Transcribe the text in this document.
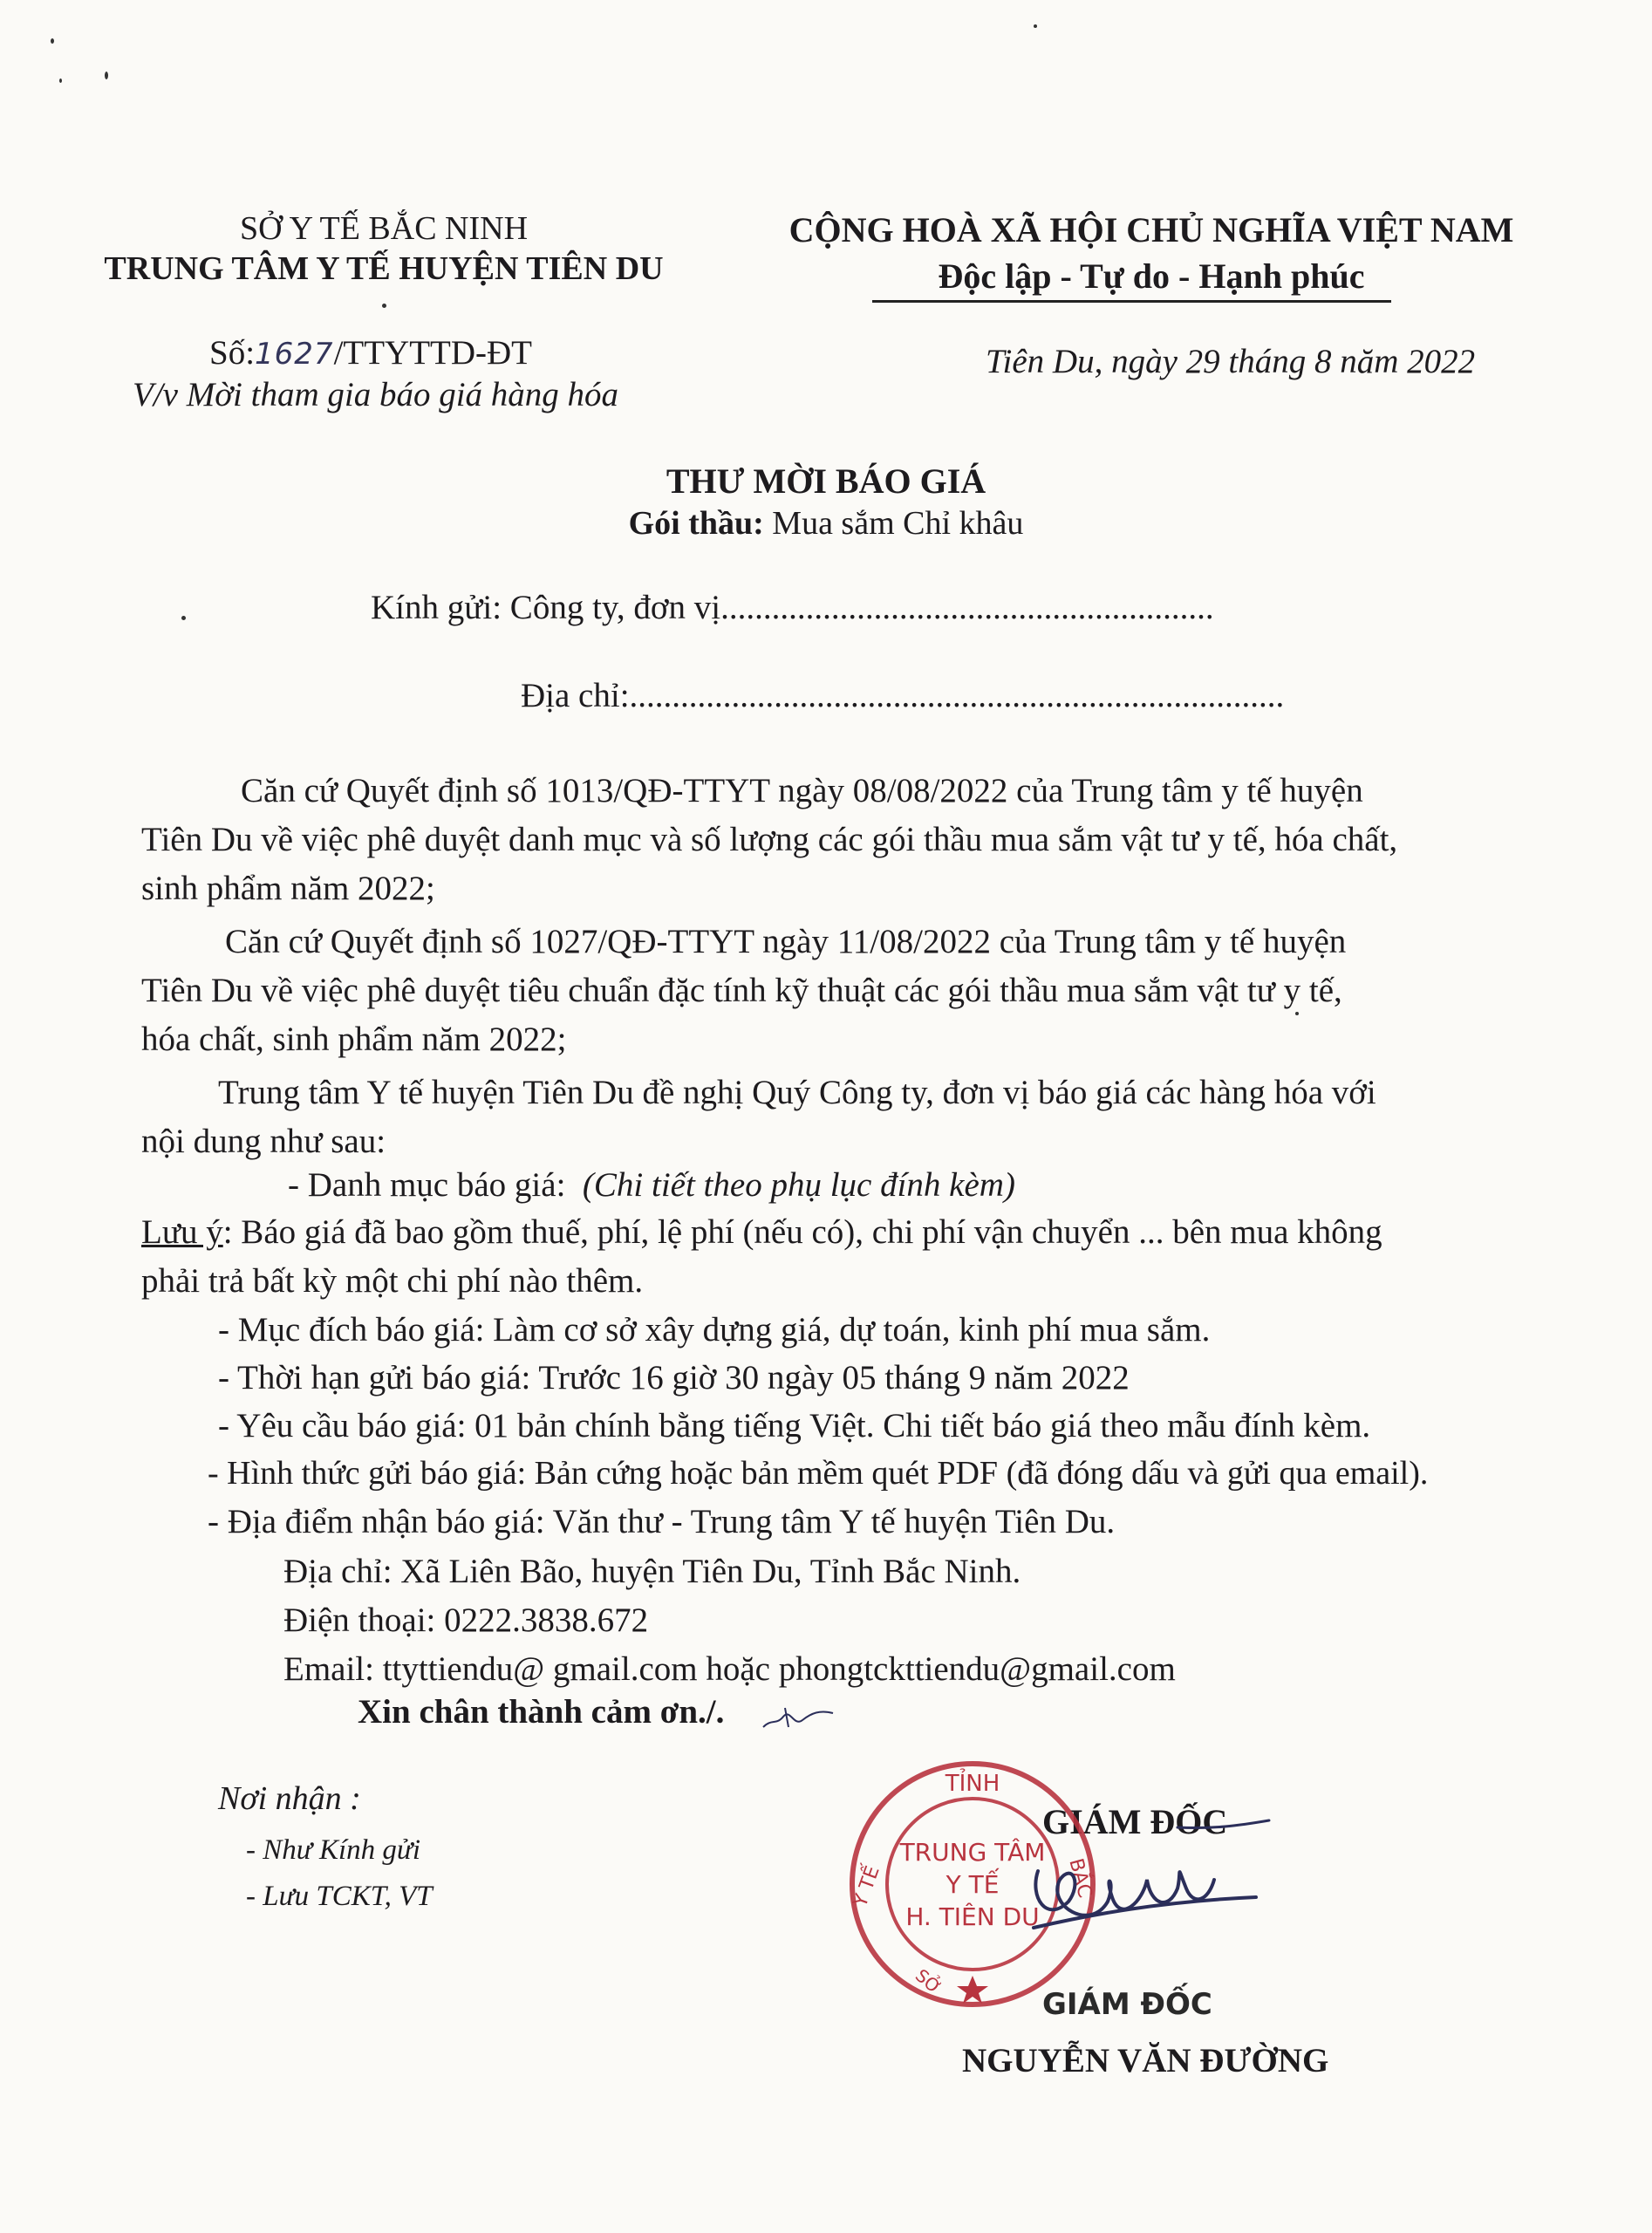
SỞ Y TẾ BẮC NINH
TRUNG TÂM Y TẾ HUYỆN TIÊN DU
CỘNG HOÀ XÃ HỘI CHỦ NGHĨA VIỆT NAM
Độc lập - Tự do - Hạnh phúc
Số:1627/TTYTTD-ĐT
V/v Mời tham gia báo giá hàng hóa
Tiên Du, ngày 29 tháng 8 năm 2022
THƯ MỜI BÁO GIÁ
Gói thầu: Mua sắm Chỉ khâu
Kính gửi: Công ty, đơn vị..........................................................
Địa chỉ:.............................................................................
Căn cứ Quyết định số 1013/QĐ-TTYT ngày 08/08/2022 của Trung tâm y tế huyện
Tiên Du về việc phê duyệt danh mục và số lượng các gói thầu mua sắm vật tư y tế, hóa chất,
sinh phẩm năm 2022;
Căn cứ Quyết định số 1027/QĐ-TTYT ngày 11/08/2022 của Trung tâm y tế huyện
Tiên Du về việc phê duyệt tiêu chuẩn đặc tính kỹ thuật các gói thầu mua sắm vật tư y tế,
hóa chất, sinh phẩm năm 2022;
Trung tâm Y tế huyện Tiên Du đề nghị Quý Công ty, đơn vị báo giá các hàng hóa với
nội dung như sau:
- Danh mục báo giá: (Chi tiết theo phụ lục đính kèm)
Lưu ý: Báo giá đã bao gồm thuế, phí, lệ phí (nếu có), chi phí vận chuyển ... bên mua không
phải trả bất kỳ một chi phí nào thêm.
- Mục đích báo giá: Làm cơ sở xây dựng giá, dự toán, kinh phí mua sắm.
- Thời hạn gửi báo giá: Trước 16 giờ 30 ngày 05 tháng 9 năm 2022
- Yêu cầu báo giá: 01 bản chính bằng tiếng Việt. Chi tiết báo giá theo mẫu đính kèm.
- Hình thức gửi báo giá: Bản cứng hoặc bản mềm quét PDF (đã đóng dấu và gửi qua email).
- Địa điểm nhận báo giá: Văn thư - Trung tâm Y tế huyện Tiên Du.
Địa chỉ: Xã Liên Bão, huyện Tiên Du, Tỉnh Bắc Ninh.
Điện thoại: 0222.3838.672
Email: ttyttiendu@ gmail.com hoặc phongtckttiendu@gmail.com
Xin chân thành cảm ơn./.
Nơi nhận :
- Như Kính gửi
- Lưu TCKT, VT
GIÁM ĐỐC
TỈNH
Y TẾ	BẮC
SỞ
TRUNG TÂM
Y TẾ
H. TIÊN DU
GIÁM ĐỐC
NGUYỄN VĂN ĐƯỜNG
